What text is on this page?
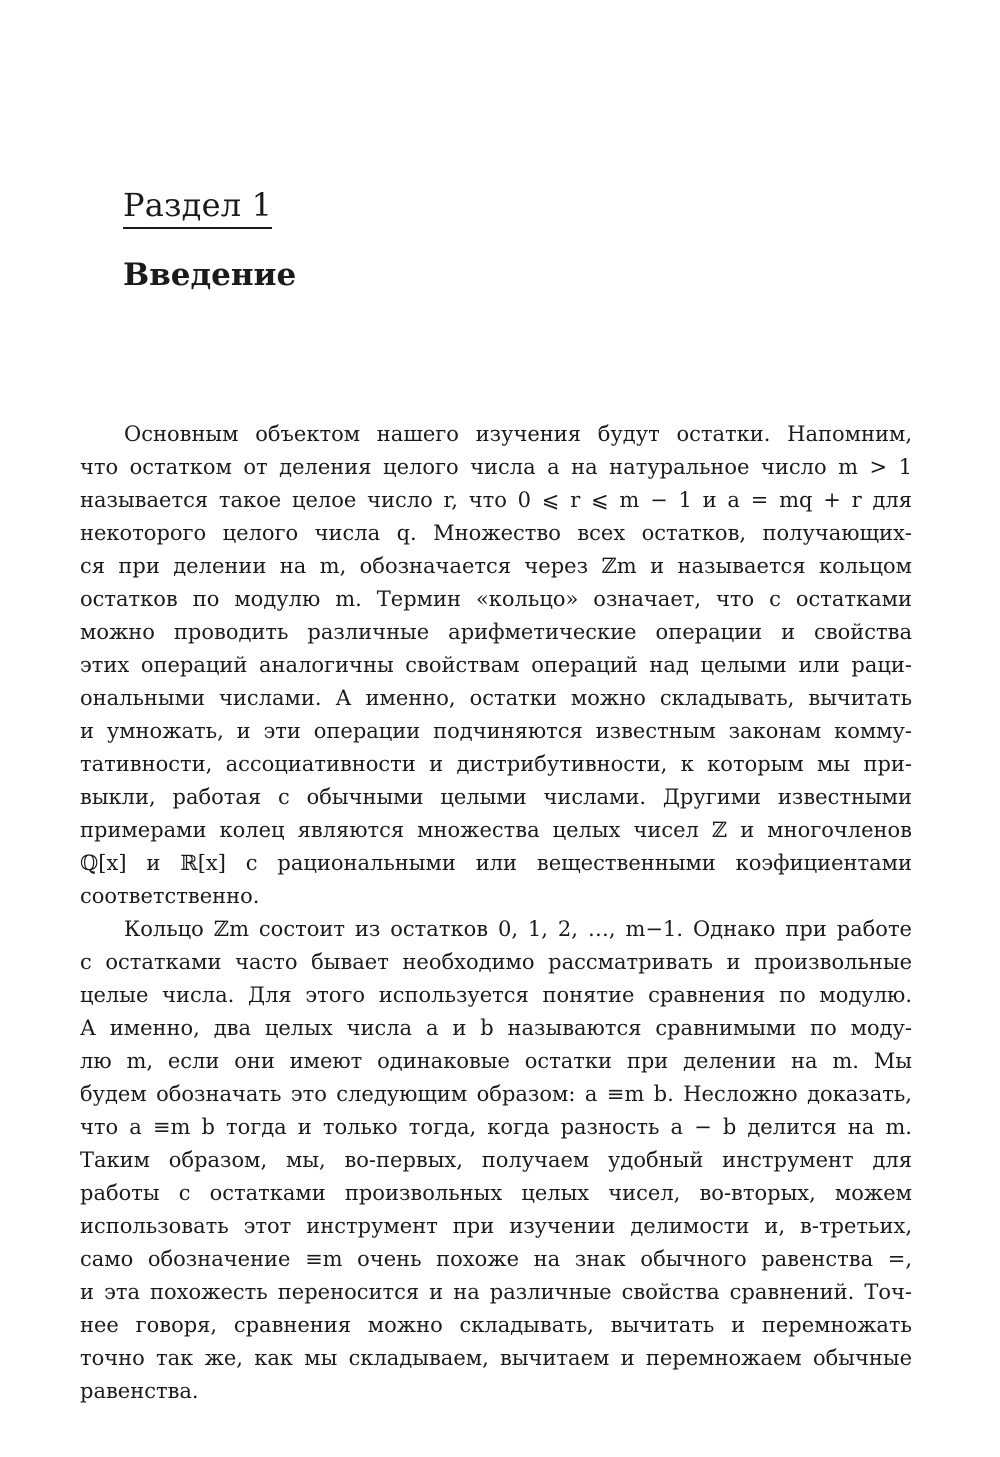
Раздел 1
Введение
Основным объектом нашего изучения будут остатки. Напомним,
что остатком от деления целого числа a на натуральное число m > 1
называется такое целое число r, что 0 ⩽ r ⩽ m − 1 и a = mq + r для
некоторого целого числа q. Множество всех остатков, получающих-
ся при делении на m, обозначается через ℤm и называется кольцом
остатков по модулю m. Термин «кольцо» означает, что с остатками
можно проводить различные арифметические операции и свойства
этих операций аналогичны свойствам операций над целыми или раци-
ональными числами. А именно, остатки можно складывать, вычитать
и умножать, и эти операции подчиняются известным законам комму-
тативности, ассоциативности и дистрибутивности, к которым мы при-
выкли, работая с обычными целыми числами. Другими известными
примерами колец являются множества целых чисел ℤ и многочленов
ℚ[x] и ℝ[x] с рациональными или вещественными коэфициентами
соответственно.
Кольцо ℤm состоит из остатков 0, 1, 2, …, m−1. Однако при работе
с остатками часто бывает необходимо рассматривать и произвольные
целые числа. Для этого используется понятие сравнения по модулю.
А именно, два целых числа a и b называются сравнимыми по моду-
лю m, если они имеют одинаковые остатки при делении на m. Мы
будем обозначать это следующим образом: a ≡m b. Несложно доказать,
что a ≡m b тогда и только тогда, когда разность a − b делится на m.
Таким образом, мы, во-первых, получаем удобный инструмент для
работы с остатками произвольных целых чисел, во-вторых, можем
использовать этот инструмент при изучении делимости и, в-третьих,
само обозначение ≡m очень похоже на знак обычного равенства =,
и эта похожесть переносится и на различные свойства сравнений. Точ-
нее говоря, сравнения можно складывать, вычитать и перемножать
точно так же, как мы складываем, вычитаем и перемножаем обычные
равенства.
